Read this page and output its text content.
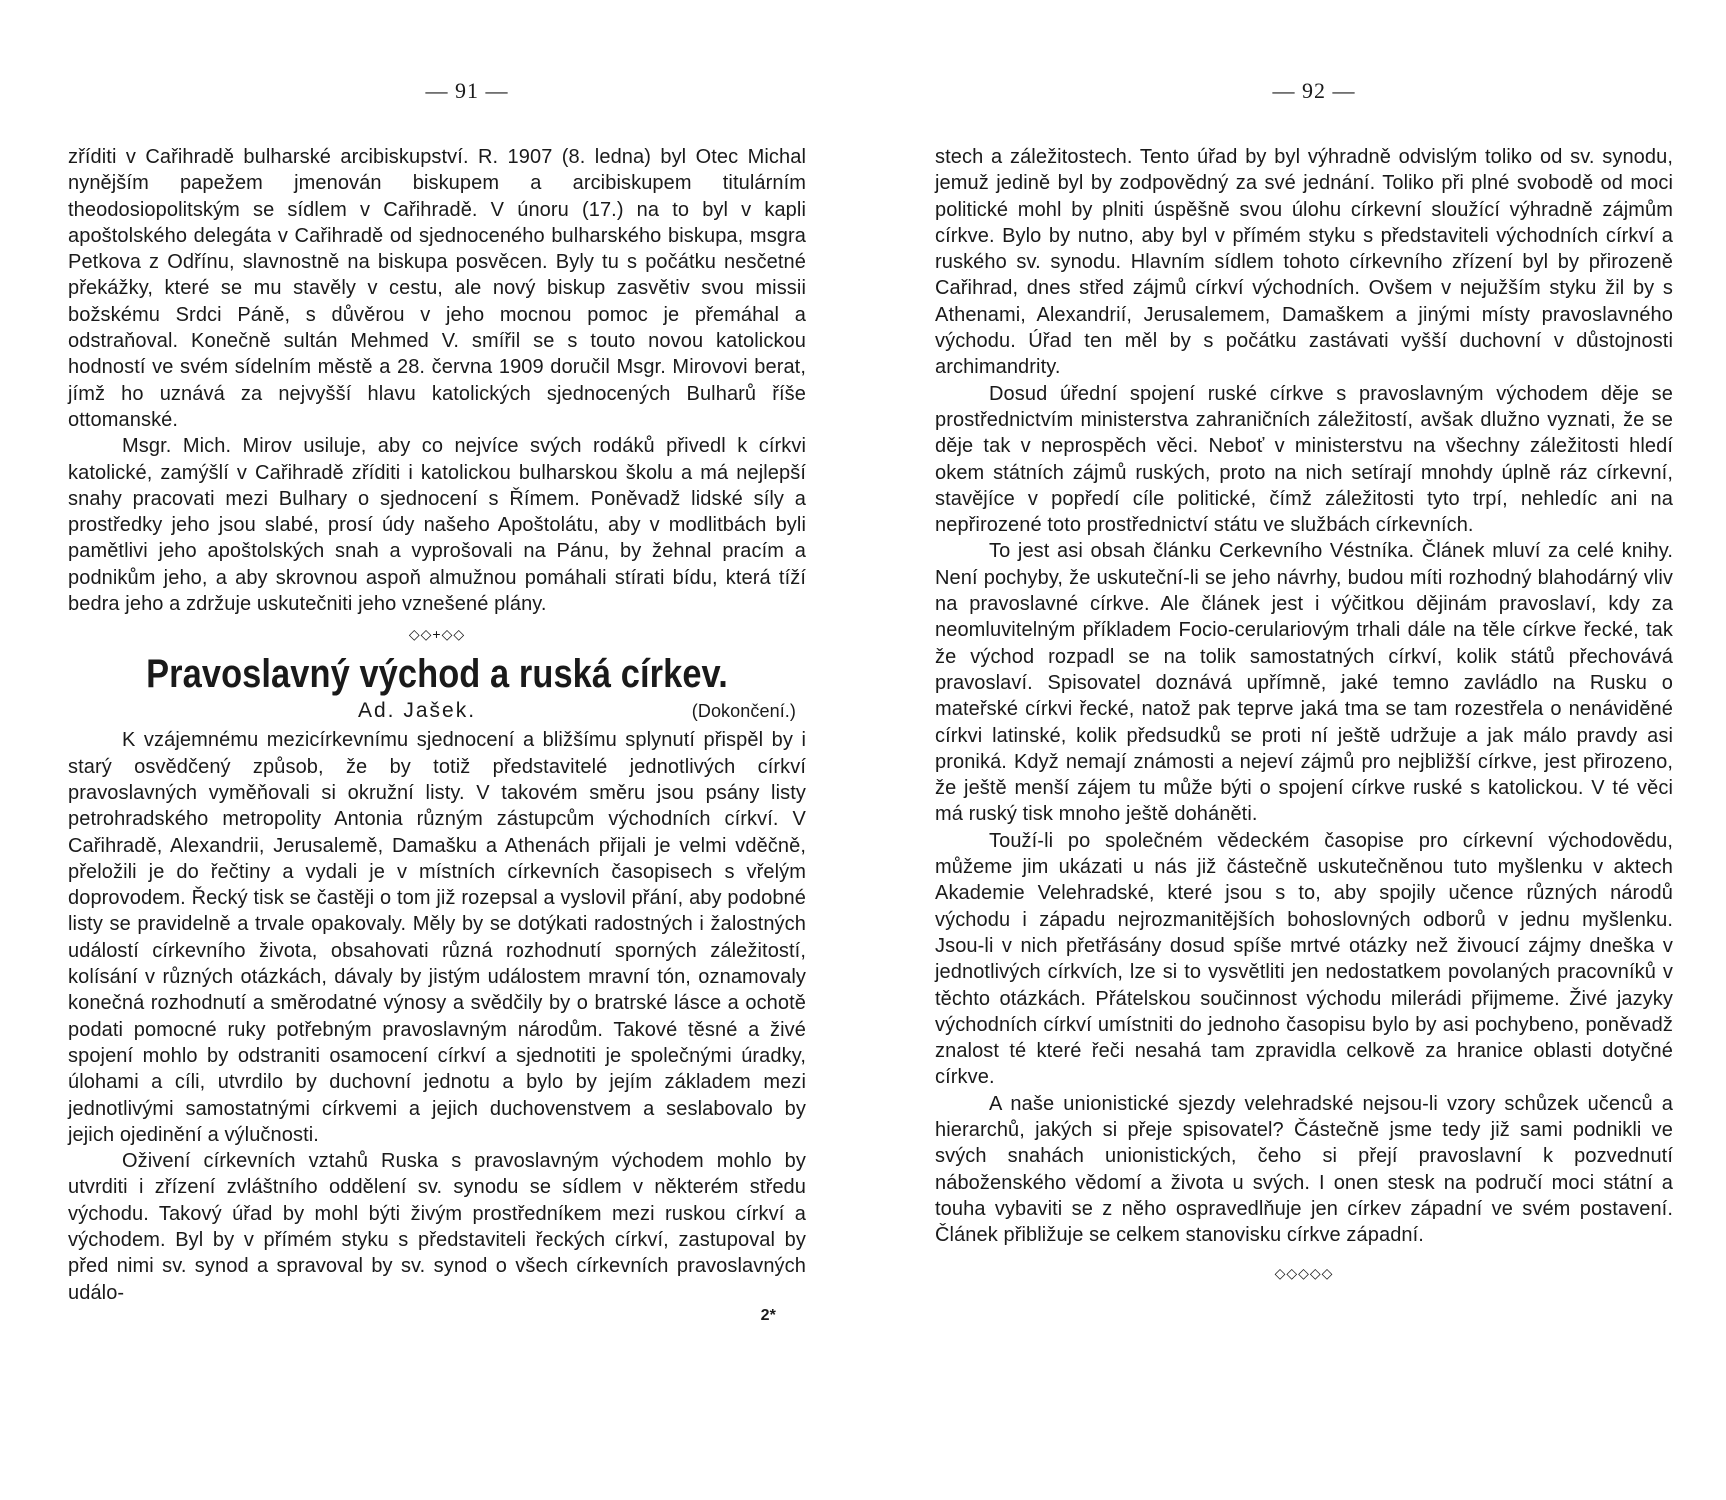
— 91 —

zříditi v Cařihradě bulharské arcibiskupství. R. 1907 (8. ledna) byl Otec Michal nynějším papežem jmenován biskupem a arcibiskupem titulárním theodosiopolitským se sídlem v Cařihradě. V únoru (17.) na to byl v kapli apoštolského delegáta v Cařihradě od sjednoceného bulharského biskupa, msgra Petkova z Odřínu, slavnostně na biskupa posvěcen. Byly tu s počátku nesčetné překážky, které se mu stavěly v cestu, ale nový biskup zasvětiv svou missii božskému Srdci Páně, s důvěrou v jeho mocnou pomoc je přemáhal a odstraňoval. Konečně sultán Mehmed V. smířil se s touto novou katolickou hodností ve svém sídelním městě a 28. června 1909 doručil Msgr. Mirovovi berat, jímž ho uznává za nejvyšší hlavu katolických sjednocených Bulharů říše ottomanské.

Msgr. Mich. Mirov usiluje, aby co nejvíce svých rodáků přivedl k církvi katolické, zamýšlí v Cařihradě zříditi i katolickou bulharskou školu a má nejlepší snahy pracovati mezi Bulhary o sjednocení s Římem. Poněvadž lidské síly a prostředky jeho jsou slabé, prosí údy našeho Apoštolátu, aby v modlitbách byli pamětlivi jeho apoštolských snah a vyprošovali na Pánu, by žehnal pracím a podnikům jeho, a aby skrovnou aspoň almužnou pomáhali stírati bídu, která tíží bedra jeho a zdržuje uskutečniti jeho vznešené plány.

◇◇+◇◇
Pravoslavný východ a ruská církev.
Ad. Jašek.	(Dokončení.)

K vzájemnému mezicírkevnímu sjednocení a bližšímu splynutí přispěl by i starý osvědčený způsob, že by totiž představitelé jednotlivých církví pravoslavných vyměňovali si okružní listy. V takovém směru jsou psány listy petrohradského metropolity Antonia různým zástupcům východních církví. V Cařihradě, Alexandrii, Jerusalemě, Damašku a Athenách přijali je velmi vděčně, přeložili je do řečtiny a vydali je v místních církevních časopisech s vřelým doprovodem. Řecký tisk se častěji o tom již rozepsal a vyslovil přání, aby podobné listy se pravidelně a trvale opakovaly. Měly by se dotýkati radostných i žalostných událostí církevního života, obsahovati různá rozhodnutí sporných záležitostí, kolísání v různých otázkách, dávaly by jistým událostem mravní tón, oznamovaly konečná rozhodnutí a směrodatné výnosy a svědčily by o bratrské lásce a ochotě podati pomocné ruky potřebným pravoslavným národům. Takové těsné a živé spojení mohlo by odstraniti osamocení církví a sjednotiti je společnými úradky, úlohami a cíli, utvrdilo by duchovní jednotu a bylo by jejím základem mezi jednotlivými samostatnými církvemi a jejich duchovenstvem a seslabovalo by jejich ojedinění a výlučnosti.

Oživení církevních vztahů Ruska s pravoslavným východem mohlo by utvrditi i zřízení zvláštního oddělení sv. synodu se sídlem v některém středu východu. Takový úřad by mohl býti živým prostředníkem mezi ruskou církví a východem. Byl by v přímém styku s představiteli řeckých církví, zastupoval by před nimi sv. synod a spravoval by sv. synod o všech církevních pravoslavných událo-

2*
— 92 —

stech a záležitostech. Tento úřad by byl výhradně odvislým toliko od sv. synodu, jemuž jedině byl by zodpovědný za své jednání. Toliko při plné svobodě od moci politické mohl by plniti úspěšně svou úlohu církevní sloužící výhradně zájmům církve. Bylo by nutno, aby byl v přímém styku s představiteli východních církví a ruského sv. synodu. Hlavním sídlem tohoto církevního zřízení byl by přirozeně Cařihrad, dnes střed zájmů církví východních. Ovšem v nejužším styku žil by s Athenami, Alexandrií, Jerusalemem, Damaškem a jinými místy pravoslavného východu. Úřad ten měl by s počátku zastávati vyšší duchovní v důstojnosti archimandrity.

Dosud úřední spojení ruské církve s pravoslavným východem děje se prostřednictvím ministerstva zahraničních záležitostí, avšak dlužno vyznati, že se děje tak v neprospěch věci. Neboť v ministerstvu na všechny záležitosti hledí okem státních zájmů ruských, proto na nich setírají mnohdy úplně ráz církevní, stavějíce v popředí cíle politické, čímž záležitosti tyto trpí, nehledíc ani na nepřirozené toto prostřednictví státu ve službách církevních.

To jest asi obsah článku Cerkevního Véstníka. Článek mluví za celé knihy. Není pochyby, že uskuteční-li se jeho návrhy, budou míti rozhodný blahodárný vliv na pravoslavné církve. Ale článek jest i výčitkou dějinám pravoslaví, kdy za neomluvitelným příkladem Focio-cerulariovým trhali dále na těle církve řecké, tak že východ rozpadl se na tolik samostatných církví, kolik států přechovává pravoslaví. Spisovatel doznává upřímně, jaké temno zavládlo na Rusku o mateřské církvi řecké, natož pak teprve jaká tma se tam rozestřela o nenáviděné církvi latinské, kolik předsudků se proti ní ještě udržuje a jak málo pravdy asi proniká. Když nemají známosti a nejeví zájmů pro nejbližší církve, jest přirozeno, že ještě menší zájem tu může býti o spojení církve ruské s katolickou. V té věci má ruský tisk mnoho ještě doháněti.

Touží-li po společném vědeckém časopise pro církevní východovědu, můžeme jim ukázati u nás již částečně uskutečněnou tuto myšlenku v aktech Akademie Velehradské, které jsou s to, aby spojily učence různých národů východu i západu nejrozmanitějších bohoslovných odborů v jednu myšlenku. Jsou-li v nich přetřásány dosud spíše mrtvé otázky než živoucí zájmy dneška v jednotlivých církvích, lze si to vysvětliti jen nedostatkem povolaných pracovníků v těchto otázkách. Přátelskou součinnost východu milerádi přijmeme. Živé jazyky východních církví umístniti do jednoho časopisu bylo by asi pochybeno, poněvadž znalost té které řeči nesahá tam zpravidla celkově za hranice oblasti dotyčné církve.

A naše unionistické sjezdy velehradské nejsou-li vzory schůzek učenců a hierarchů, jakých si přeje spisovatel? Částečně jsme tedy již sami podnikli ve svých snahách unionistických, čeho si přejí pravoslavní k pozvednutí náboženského vědomí a života u svých. I onen stesk na područí moci státní a touha vybaviti se z něho ospravedlňuje jen církev západní ve svém postavení. Článek přibližuje se celkem stanovisku církve západní.

◇◇◇◇◇
